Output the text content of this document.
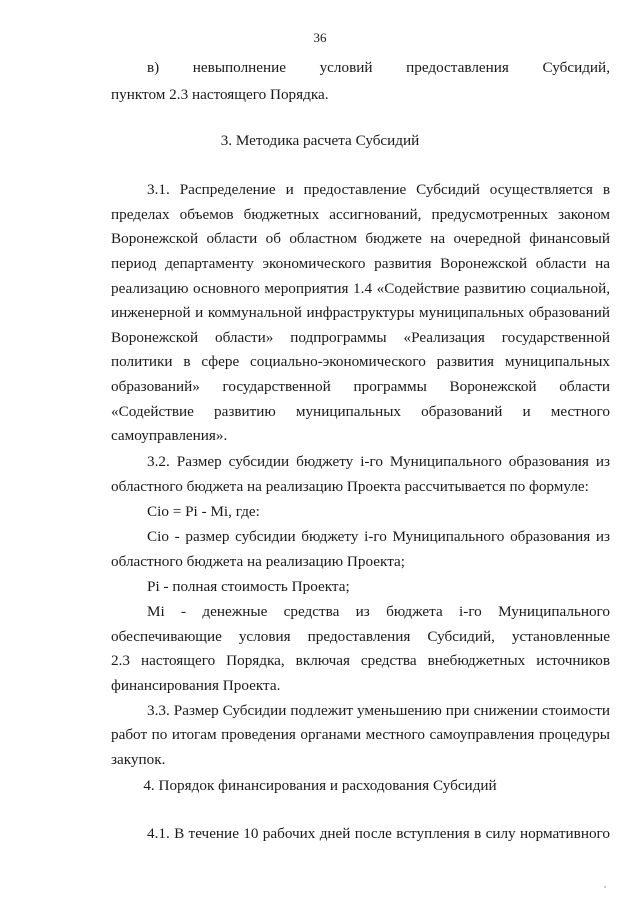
36
в) невыполнение условий предоставления Субсидий,
пунктом 2.3 настоящего Порядка.
3. Методика расчета Субсидий
3.1. Распределение и предоставление Субсидий осуществляется в
пределах объемов бюджетных ассигнований, предусмотренных законом
Воронежской области об областном бюджете на очередной финансовый
период департаменту экономического развития Воронежской области на
реализацию основного мероприятия 1.4 «Содействие развитию социальной,
инженерной и коммунальной инфраструктуры муниципальных образований
Воронежской области» подпрограммы «Реализация государственной
политики в сфере социально-экономического развития муниципальных
образований» государственной программы Воронежской области
«Содействие развитию муниципальных образований и местного
самоуправления».
3.2. Размер субсидии бюджету i-го Муниципального образования из
областного бюджета на реализацию Проекта рассчитывается по формуле:
Ciо = Pi - Mi, где:
Ciо - размер субсидии бюджету i-го Муниципального образования из
областного бюджета на реализацию Проекта;
Pi - полная стоимость Проекта;
Mi - денежные средства из бюджета i-го Муниципального
обеспечивающие условия предоставления Субсидий, установленные
2.3 настоящего Порядка, включая средства внебюджетных источников
финансирования Проекта.
3.3. Размер Субсидии подлежит уменьшению при снижении стоимости
работ по итогам проведения органами местного самоуправления процедуры
закупок.
4. Порядок финансирования и расходования Субсидий
4.1. В течение 10 рабочих дней после вступления в силу нормативного
